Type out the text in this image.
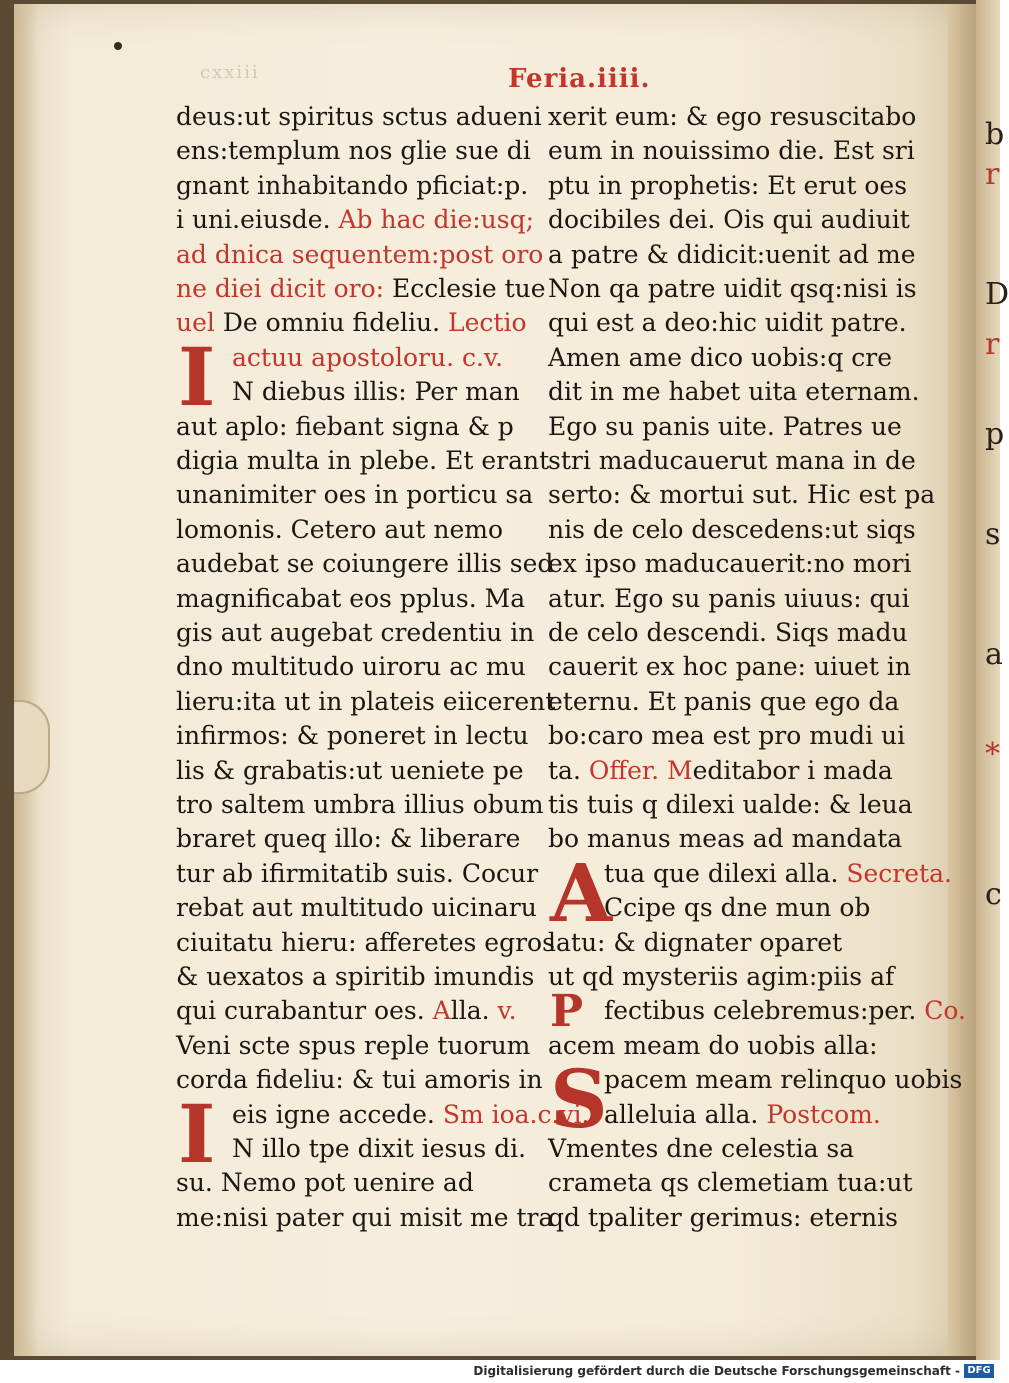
b
r
D
r
p
s
a
*
c
cxxiii	Feria.iiii.
deus:ut spiritus sctus adueni
ens:templum nos glie sue di
gnant inhabitando pficiat:p.
i uni.eiusde. Ab hac die:usq;
ad dnica sequentem:post oro
ne diei dicit oro: Ecclesie tue
uel De omniu fideliu. Lectio
actuu apostoloru. c.v.
N diebus illis: Per man
aut aplo: fiebant signa & p
digia multa in plebe. Et erant
unanimiter oes in porticu sa
lomonis. Cetero aut nemo
audebat se coiungere illis sed
magnificabat eos pplus. Ma
gis aut augebat credentiu in
dno multitudo uiroru ac mu
lieru:ita ut in plateis eiicerent
infirmos: & poneret in lectu
lis & grabatis:ut ueniete pe
tro saltem umbra illius obum
braret queq illo: & liberare
tur ab ifirmitatib suis. Cocur
rebat aut multitudo uicinaru
ciuitatu hieru: afferetes egros
& uexatos a spiritib imundis
qui curabantur oes. Alla. v.
Veni scte spus reple tuorum
corda fideliu: & tui amoris in
eis igne accede. Sm ioa.c.vi.
N illo tpe dixit iesus di.
su. Nemo pot uenire ad
me:nisi pater qui misit me tra
I
I
xerit eum: & ego resuscitabo
eum in nouissimo die. Est sri
ptu in prophetis: Et erut oes
docibiles dei. Ois qui audiuit
a patre & didicit:uenit ad me
Non qa patre uidit qsq:nisi is
qui est a deo:hic uidit patre.
Amen ame dico uobis:q cre
dit in me habet uita eternam.
Ego su panis uite. Patres ue
stri maducauerut mana in de
serto: & mortui sut. Hic est pa
nis de celo descedens:ut siqs
ex ipso maducauerit:no mori
atur. Ego su panis uiuus: qui
de celo descendi. Siqs madu
cauerit ex hoc pane: uiuet in
eternu. Et panis que ego da
bo:caro mea est pro mudi ui
ta. Offer. Meditabor i mada
tis tuis q dilexi ualde: & leua
bo manus meas ad mandata
tua que dilexi alla. Secreta.
Ccipe qs dne mun ob
latu: & dignater oparet
ut qd mysteriis agim:piis af
fectibus celebremus:per. Co.
acem meam do uobis alla:
pacem meam relinquo uobis
alleluia alla. Postcom.
Vmentes dne celestia sa
crameta qs clemetiam tua:ut
qd tpaliter gerimus: eternis
A
P
S
Digitalisierung gefördert durch die Deutsche Forschungsgemeinschaft - DFG
